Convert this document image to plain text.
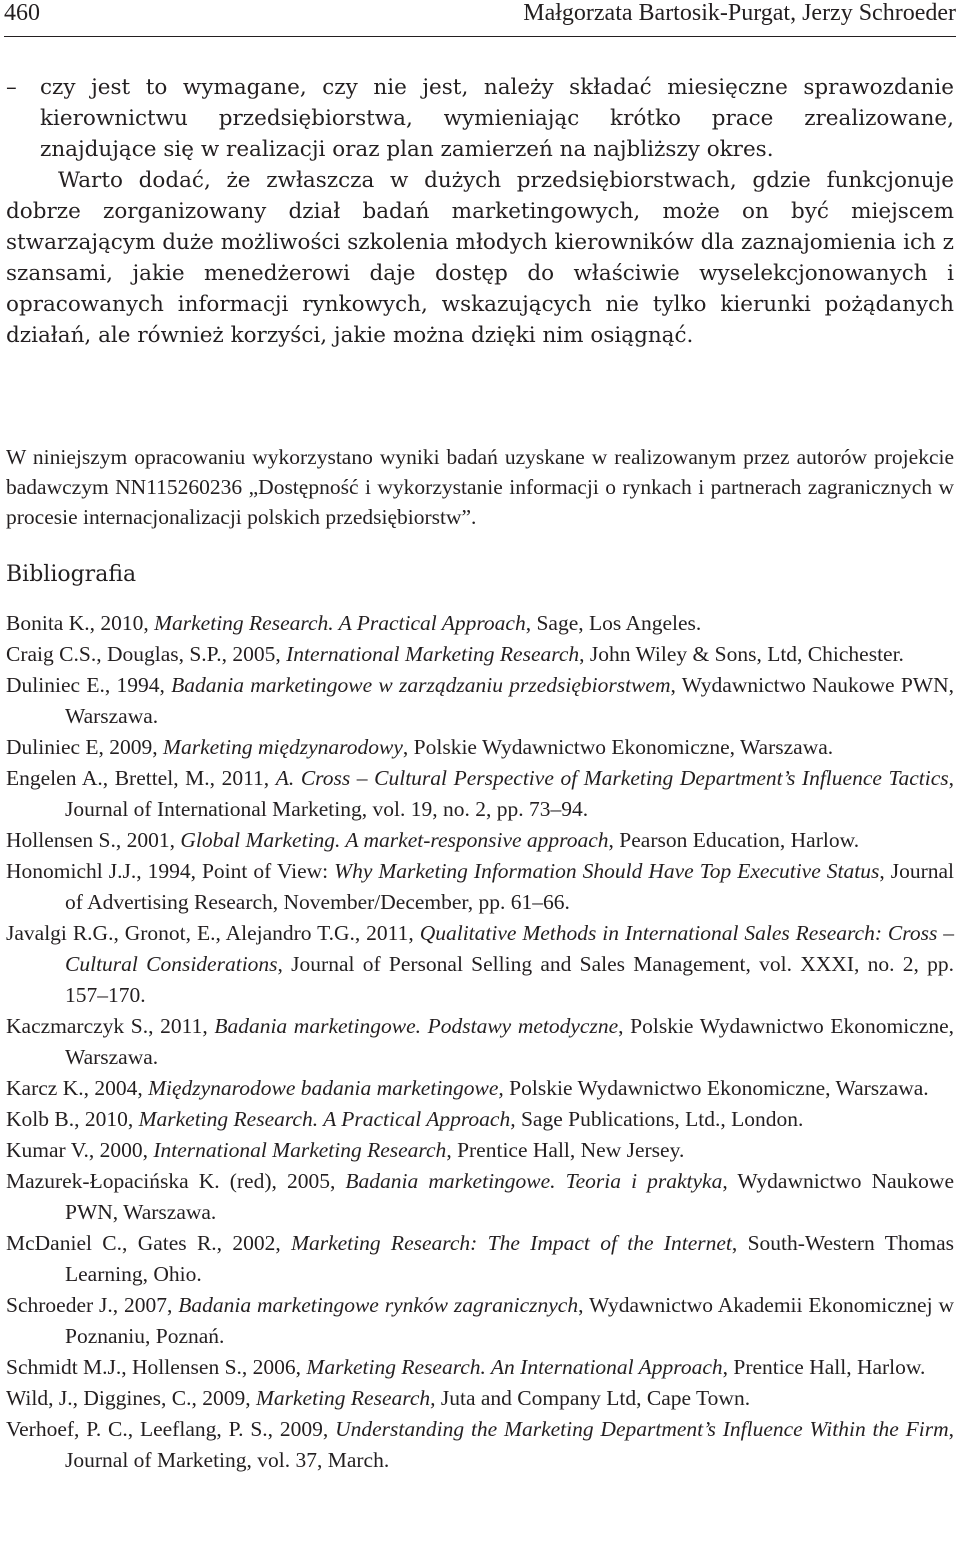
460	Małgorzata Bartosik-Purgat, Jerzy Schroeder
–	czy jest to wymagane, czy nie jest, należy składać miesięczne sprawozdanie kierownictwu przedsiębiorstwa, wymieniając krótko prace zrealizowane, znajdujące się w realizacji oraz plan zamierzeń na najbliższy okres.

Warto dodać, że zwłaszcza w dużych przedsiębiorstwach, gdzie funkcjonuje dobrze zorganizowany dział badań marketingowych, może on być miejscem stwarzającym duże możliwości szkolenia młodych kierowników dla zaznajomienia ich z szansami, jakie menedżerowi daje dostęp do właściwie wyselekcjonowanych i opracowanych informacji rynkowych, wskazujących nie tylko kierunki pożądanych działań, ale również korzyści, jakie można dzięki nim osiągnąć.

W niniejszym opracowaniu wykorzystano wyniki badań uzyskane w realizowanym przez autorów projekcie badawczym NN115260236 „Dostępność i wykorzystanie informacji o rynkach i partnerach zagranicznych w procesie internacjonalizacji polskich przedsiębiorstw”.

Bibliografia

Bonita K., 2010, Marketing Research. A Practical Approach, Sage, Los Angeles.

Craig C.S., Douglas, S.P., 2005, International Marketing Research, John Wiley & Sons, Ltd, Chichester.

Duliniec E., 1994, Badania marketingowe w zarządzaniu przedsiębiorstwem, Wydawnictwo Naukowe PWN, Warszawa.

Duliniec E, 2009, Marketing międzynarodowy, Polskie Wydawnictwo Ekonomiczne, Warszawa.

Engelen A., Brettel, M., 2011, A. Cross – Cultural Perspective of Marketing Department’s Influence Tactics, Journal of International Marketing, vol. 19, no. 2, pp. 73–94.

Hollensen S., 2001, Global Marketing. A market-responsive approach, Pearson Education, Harlow.

Honomichl J.J., 1994, Point of View: Why Marketing Information Should Have Top Executive Status, Journal of Advertising Research, November/December, pp. 61–66.

Javalgi R.G., Gronot, E., Alejandro T.G., 2011, Qualitative Methods in International Sales Research: Cross – Cultural Considerations, Journal of Personal Selling and Sales Management, vol. XXXI, no. 2, pp. 157–170.

Kaczmarczyk S., 2011, Badania marketingowe. Podstawy metodyczne, Polskie Wydawnictwo Ekonomiczne, Warszawa.

Karcz K., 2004, Międzynarodowe badania marketingowe, Polskie Wydawnictwo Ekonomiczne, Warszawa.

Kolb B., 2010, Marketing Research. A Practical Approach, Sage Publications, Ltd., London.

Kumar V., 2000, International Marketing Research, Prentice Hall, New Jersey.

Mazurek-Łopacińska K. (red), 2005, Badania marketingowe. Teoria i praktyka, Wydawnictwo Naukowe PWN, Warszawa.

McDaniel C., Gates R., 2002, Marketing Research: The Impact of the Internet, South-Western Thomas Learning, Ohio.

Schroeder J., 2007, Badania marketingowe rynków zagranicznych, Wydawnictwo Akademii Ekonomicznej w Poznaniu, Poznań.

Schmidt M.J., Hollensen S., 2006, Marketing Research. An International Approach, Prentice Hall, Harlow.

Wild, J., Diggines, C., 2009, Marketing Research, Juta and Company Ltd, Cape Town.

Verhoef, P. C., Leeflang, P. S., 2009, Understanding the Marketing Department’s Influence Within the Firm, Journal of Marketing, vol. 37, March.
